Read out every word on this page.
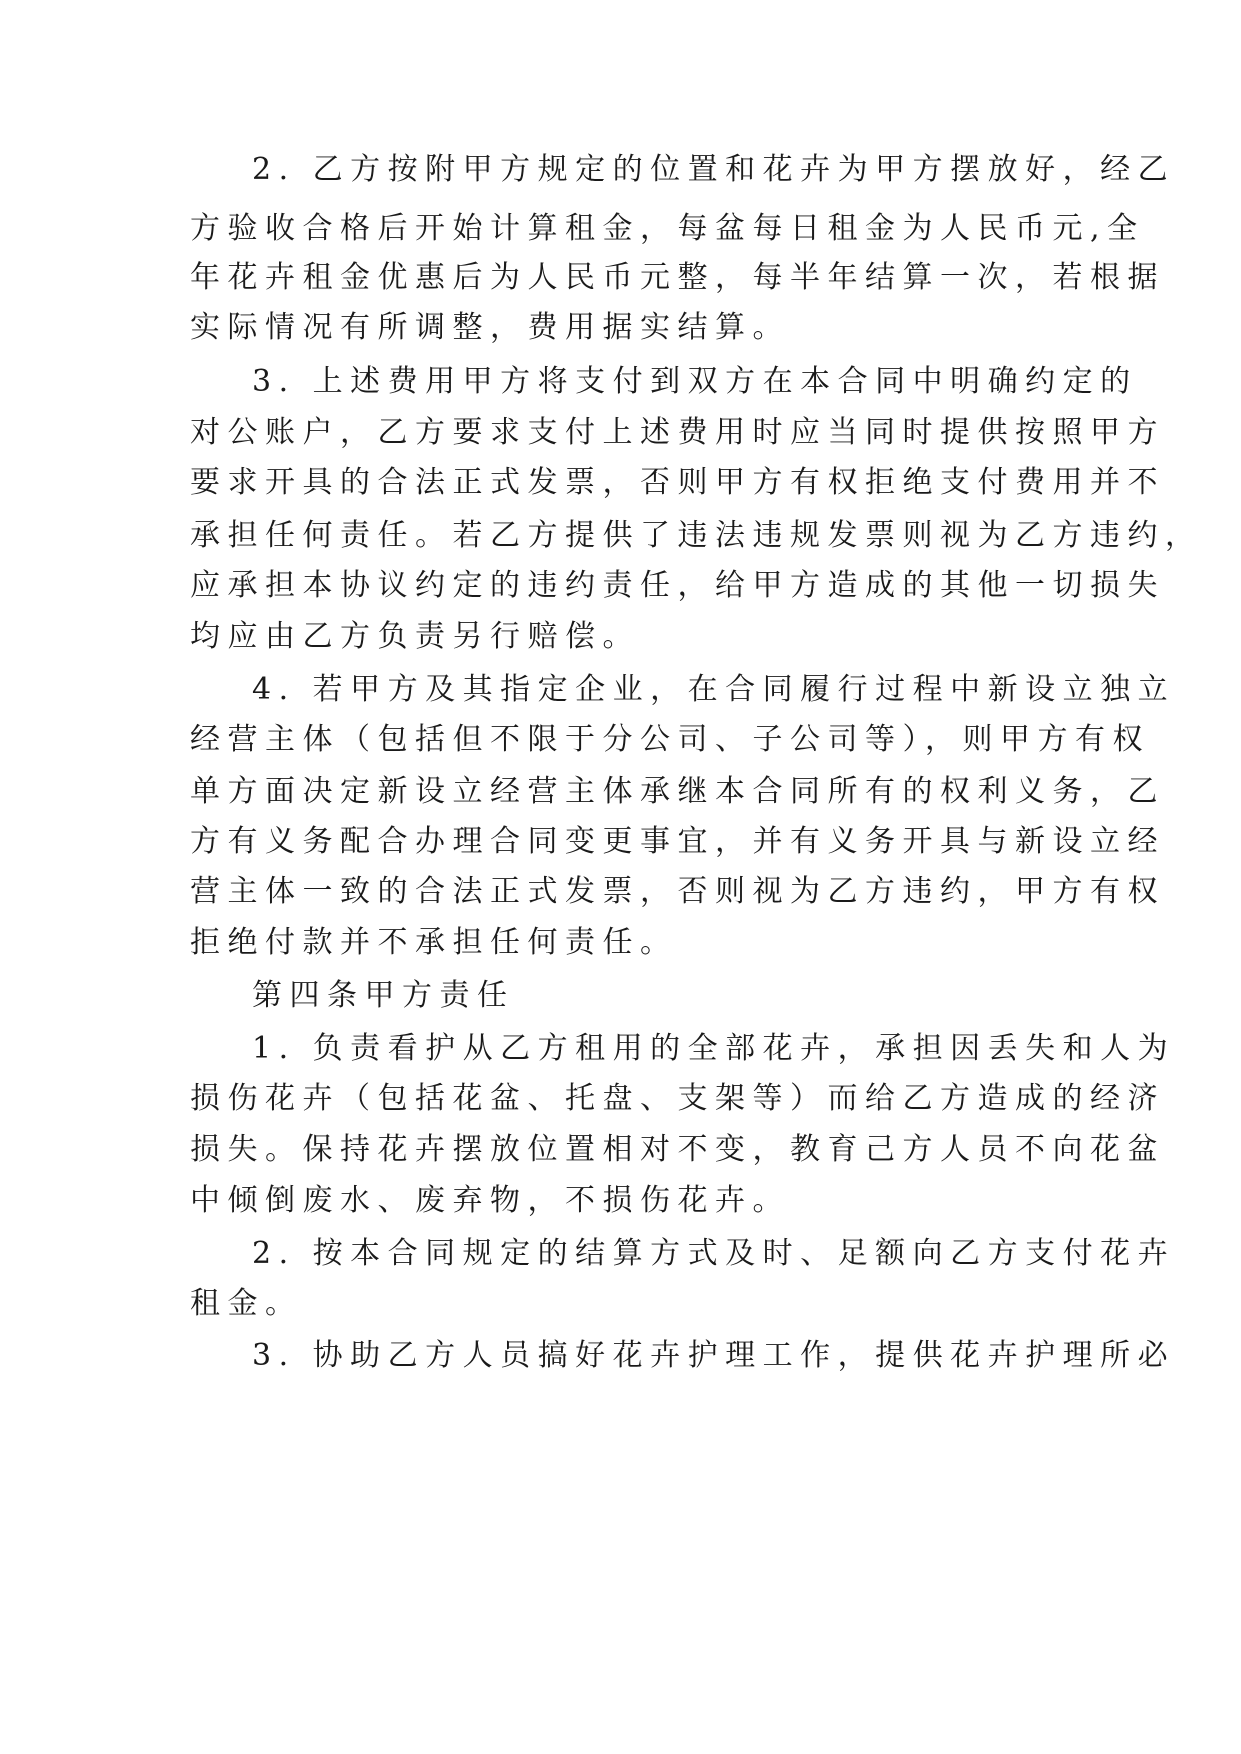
2. 乙方按附甲方规定的位置和花卉为甲方摆放好，经乙

方验收合格后开始计算租金，每盆每日租金为人民币元,全

年花卉租金优惠后为人民币元整，每半年结算一次，若根据

实际情况有所调整，费用据实结算。

3. 上述费用甲方将支付到双方在本合同中明确约定的

对公账户，乙方要求支付上述费用时应当同时提供按照甲方

要求开具的合法正式发票，否则甲方有权拒绝支付费用并不

承担任何责任。若乙方提供了违法违规发票则视为乙方违约，

应承担本协议约定的违约责任，给甲方造成的其他一切损失

均应由乙方负责另行赔偿。

4. 若甲方及其指定企业，在合同履行过程中新设立独立

经营主体（包括但不限于分公司、子公司等），则甲方有权

单方面决定新设立经营主体承继本合同所有的权利义务，乙

方有义务配合办理合同变更事宜，并有义务开具与新设立经

营主体一致的合法正式发票，否则视为乙方违约，甲方有权

拒绝付款并不承担任何责任。

第四条甲方责任

1. 负责看护从乙方租用的全部花卉，承担因丢失和人为

损伤花卉（包括花盆、托盘、支架等）而给乙方造成的经济

损失。保持花卉摆放位置相对不变，教育己方人员不向花盆

中倾倒废水、废弃物，不损伤花卉。

2. 按本合同规定的结算方式及时、足额向乙方支付花卉

租金。

3. 协助乙方人员搞好花卉护理工作，提供花卉护理所必
